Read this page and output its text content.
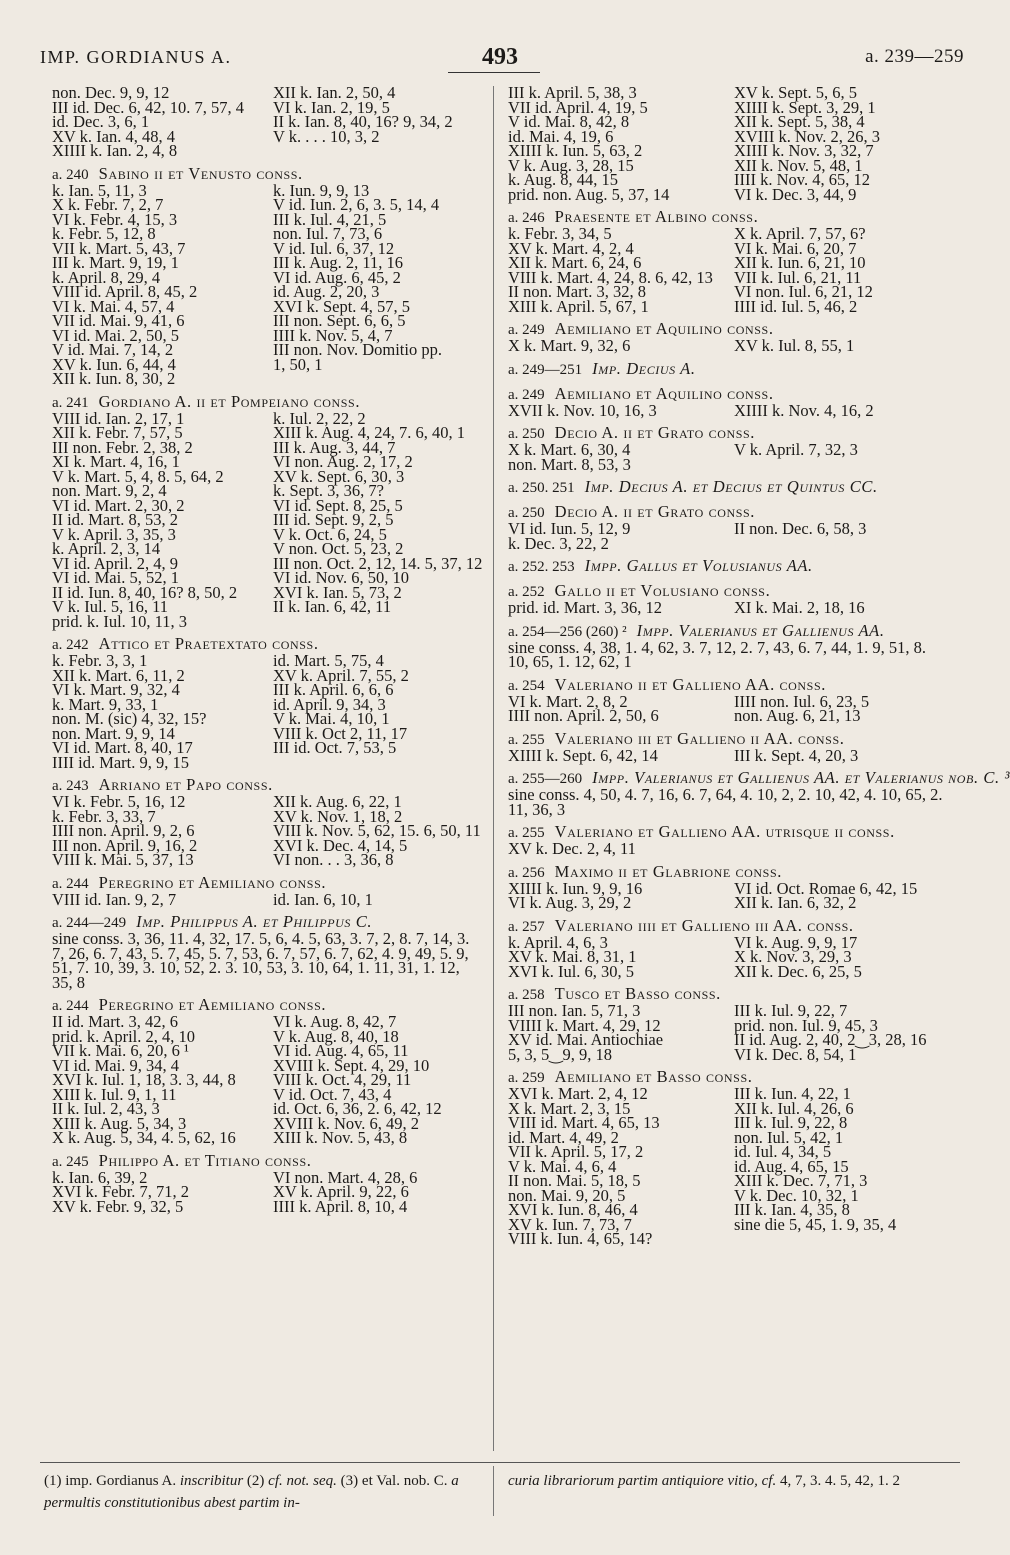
IMP. GORDIANUS A.	493	a. 239—259
non. Dec. 9, 9, 12	XII k. Ian. 2, 50, 4
III id. Dec. 6, 42, 10. 7, 57, 4	VI k. Ian. 2, 19, 5
id. Dec. 3, 6, 1	II k. Ian. 8, 40, 16? 9, 34, 2
XV k. Ian. 4, 48, 4	V k. . . . 10, 3, 2
XIIII k. Ian. 2, 4, 8
a. 240 Sabino ii et Venusto conss.
k. Ian. 5, 11, 3	k. Iun. 9, 9, 13
X k. Febr. 7, 2, 7	V id. Iun. 2, 6, 3. 5, 14, 4
VI k. Febr. 4, 15, 3	III k. Iul. 4, 21, 5
k. Febr. 5, 12, 8	non. Iul. 7, 73, 6
VII k. Mart. 5, 43, 7	V id. Iul. 6, 37, 12
III k. Mart. 9, 19, 1	III k. Aug. 2, 11, 16
k. April. 8, 29, 4	VI id. Aug. 6, 45, 2
VIII id. April. 8, 45, 2	id. Aug. 2, 20, 3
VI k. Mai. 4, 57, 4	XVI k. Sept. 4, 57, 5
VII id. Mai. 9, 41, 6	III non. Sept. 6, 6, 5
VI id. Mai. 2, 50, 5	IIII k. Nov. 5, 4, 7
V id. Mai. 7, 14, 2	III non. Nov. Domitio pp.
XV k. Iun. 6, 44, 4	1, 50, 1
XII k. Iun. 8, 30, 2
a. 241 Gordiano A. ii et Pompeiano conss.
VIII id. Ian. 2, 17, 1	k. Iul. 2, 22, 2
XII k. Febr. 7, 57, 5	XIII k. Aug. 4, 24, 7. 6, 40, 1
III non. Febr. 2, 38, 2	III k. Aug. 3, 44, 7
XI k. Mart. 4, 16, 1	VI non. Aug. 2, 17, 2
V k. Mart. 5, 4, 8. 5, 64, 2	XV k. Sept. 6, 30, 3
non. Mart. 9, 2, 4	k. Sept. 3, 36, 7?
VI id. Mart. 2, 30, 2	VI id. Sept. 8, 25, 5
II id. Mart. 8, 53, 2	III id. Sept. 9, 2, 5
V k. April. 3, 35, 3	V k. Oct. 6, 24, 5
k. April. 2, 3, 14	V non. Oct. 5, 23, 2
VI id. April. 2, 4, 9	III non. Oct. 2, 12, 14. 5, 37, 12
VI id. Mai. 5, 52, 1	VI id. Nov. 6, 50, 10
II id. Iun. 8, 40, 16? 8, 50, 2	XVI k. Ian. 5, 73, 2
V k. Iul. 5, 16, 11	II k. Ian. 6, 42, 11
prid. k. Iul. 10, 11, 3
a. 242 Attico et Praetextato conss.
k. Febr. 3, 3, 1	id. Mart. 5, 75, 4
XII k. Mart. 6, 11, 2	XV k. April. 7, 55, 2
VI k. Mart. 9, 32, 4	III k. April. 6, 6, 6
k. Mart. 9, 33, 1	id. April. 9, 34, 3
non. M. (sic) 4, 32, 15?	V k. Mai. 4, 10, 1
non. Mart. 9, 9, 14	VIII k. Oct 2, 11, 17
VI id. Mart. 8, 40, 17	III id. Oct. 7, 53, 5
IIII id. Mart. 9, 9, 15
a. 243 Arriano et Papo conss.
VI k. Febr. 5, 16, 12	XII k. Aug. 6, 22, 1
k. Febr. 3, 33, 7	XV k. Nov. 1, 18, 2
IIII non. April. 9, 2, 6	VIII k. Nov. 5, 62, 15. 6, 50, 11
III non. April. 9, 16, 2	XVI k. Dec. 4, 14, 5
VIII k. Mai. 5, 37, 13	VI non. . . 3, 36, 8
a. 244 Peregrino et Aemiliano conss.
VIII id. Ian. 9, 2, 7	id. Ian. 6, 10, 1
a. 244—249 Imp. Philippus A. et Philippus C.
sine conss. 3, 36, 11. 4, 32, 17. 5, 6, 4. 5, 63, 3. 7, 2, 8. 7, 14, 3. 7, 26, 6. 7, 43, 5. 7, 45, 5. 7, 53, 6. 7, 57, 6. 7, 62, 4. 9, 49, 5. 9, 51, 7. 10, 39, 3. 10, 52, 2. 3. 10, 53, 3. 10, 64, 1. 11, 31, 1. 12, 35, 8
a. 244 Peregrino et Aemiliano conss.
II id. Mart. 3, 42, 6	VI k. Aug. 8, 42, 7
prid. k. April. 2, 4, 10	V k. Aug. 8, 40, 18
VII k. Mai. 6, 20, 6 ¹	VI id. Aug. 4, 65, 11
VI id. Mai. 9, 34, 4	XVIII k. Sept. 4, 29, 10
XVI k. Iul. 1, 18, 3. 3, 44, 8	VIII k. Oct. 4, 29, 11
XIII k. Iul. 9, 1, 11	V id. Oct. 7, 43, 4
II k. Iul. 2, 43, 3	id. Oct. 6, 36, 2. 6, 42, 12
XIII k. Aug. 5, 34, 3	XVIII k. Nov. 6, 49, 2
X k. Aug. 5, 34, 4. 5, 62, 16	XIII k. Nov. 5, 43, 8
a. 245 Philippo A. et Titiano conss.
k. Ian. 6, 39, 2	VI non. Mart. 4, 28, 6
XVI k. Febr. 7, 71, 2	XV k. April. 9, 22, 6
XV k. Febr. 9, 32, 5	IIII k. April. 8, 10, 4
III k. April. 5, 38, 3	XV k. Sept. 5, 6, 5
VII id. April. 4, 19, 5	XIIII k. Sept. 3, 29, 1
V id. Mai. 8, 42, 8	XII k. Sept. 5, 38, 4
id. Mai. 4, 19, 6	XVIII k. Nov. 2, 26, 3
XIIII k. Iun. 5, 63, 2	XIIII k. Nov. 3, 32, 7
V k. Aug. 3, 28, 15	XII k. Nov. 5, 48, 1
k. Aug. 8, 44, 15	IIII k. Nov. 4, 65, 12
prid. non. Aug. 5, 37, 14	VI k. Dec. 3, 44, 9
a. 246 Praesente et Albino conss.
k. Febr. 3, 34, 5	X k. April. 7, 57, 6?
XV k. Mart. 4, 2, 4	VI k. Mai. 6, 20, 7
XII k. Mart. 6, 24, 6	XII k. Iun. 6, 21, 10
VIII k. Mart. 4, 24, 8. 6, 42, 13	VII k. Iul. 6, 21, 11
II non. Mart. 3, 32, 8	VI non. Iul. 6, 21, 12
XIII k. April. 5, 67, 1	IIII id. Iul. 5, 46, 2
a. 249 Aemiliano et Aquilino conss.
X k. Mart. 9, 32, 6	XV k. Iul. 8, 55, 1
a. 249—251 Imp. Decius A.
a. 249 Aemiliano et Aquilino conss.
XVII k. Nov. 10, 16, 3	XIIII k. Nov. 4, 16, 2
a. 250 Decio A. ii et Grato conss.
X k. Mart. 6, 30, 4	V k. April. 7, 32, 3
non. Mart. 8, 53, 3
a. 250. 251 Imp. Decius A. et Decius et Quintus CC.
a. 250 Decio A. ii et Grato conss.
VI id. Iun. 5, 12, 9	II non. Dec. 6, 58, 3
k. Dec. 3, 22, 2
a. 252. 253 Impp. Gallus et Volusianus AA.
a. 252 Gallo ii et Volusiano conss.
prid. id. Mart. 3, 36, 12	XI k. Mai. 2, 18, 16
a. 254—256 (260) ² Impp. Valerianus et Gallienus AA.
sine conss. 4, 38, 1. 4, 62, 3. 7, 12, 2. 7, 43, 6. 7, 44, 1. 9, 51, 8. 10, 65, 1. 12, 62, 1
a. 254 Valeriano ii et Gallieno AA. conss.
VI k. Mart. 2, 8, 2	IIII non. Iul. 6, 23, 5
IIII non. April. 2, 50, 6	non. Aug. 6, 21, 13
a. 255 Valeriano iii et Gallieno ii AA. conss.
XIIII k. Sept. 6, 42, 14	III k. Sept. 4, 20, 3
a. 255—260 Impp. Valerianus et Gallienus AA. et Valerianus nob. C. ³
sine conss. 4, 50, 4. 7, 16, 6. 7, 64, 4. 10, 2, 2. 10, 42, 4. 10, 65, 2. 11, 36, 3
a. 255 Valeriano et Gallieno AA. utrisque ii conss.
XV k. Dec. 2, 4, 11
a. 256 Maximo ii et Glabrione conss.
XIIII k. Iun. 9, 9, 16	VI id. Oct. Romae 6, 42, 15
VI k. Aug. 3, 29, 2	XII k. Ian. 6, 32, 2
a. 257 Valeriano iiii et Gallieno iii AA. conss.
k. April. 4, 6, 3	VI k. Aug. 9, 9, 17
XV k. Mai. 8, 31, 1	X k. Nov. 3, 29, 3
XVI k. Iul. 6, 30, 5	XII k. Dec. 6, 25, 5
a. 258 Tusco et Basso conss.
III non. Ian. 5, 71, 3	III k. Iul. 9, 22, 7
VIIII k. Mart. 4, 29, 12	prid. non. Iul. 9, 45, 3
XV id. Mai. Antiochiae	II id. Aug. 2, 40, 2‿3, 28, 16
5, 3, 5‿9, 9, 18	VI k. Dec. 8, 54, 1
a. 259 Aemiliano et Basso conss.
XVI k. Mart. 2, 4, 12	III k. Iun. 4, 22, 1
X k. Mart. 2, 3, 15	XII k. Iul. 4, 26, 6
VIII id. Mart. 4, 65, 13	III k. Iul. 9, 22, 8
id. Mart. 4, 49, 2	non. Iul. 5, 42, 1
VII k. April. 5, 17, 2	id. Iul. 4, 34, 5
V k. Mai. 4, 6, 4	id. Aug. 4, 65, 15
II non. Mai. 5, 18, 5	XIII k. Dec. 7, 71, 3
non. Mai. 9, 20, 5	V k. Dec. 10, 32, 1
XVI k. Iun. 8, 46, 4	III k. Ian. 4, 35, 8
XV k. Iun. 7, 73, 7	sine die 5, 45, 1. 9, 35, 4
VIII k. Iun. 4, 65, 14?
(1) imp. Gordianus A. inscribitur (2) cf. not. seq. (3) et Val. nob. C. a permultis constitutionibus abest partim in-
curia librariorum partim antiquiore vitio, cf. 4, 7, 3. 4. 5, 42, 1. 2
